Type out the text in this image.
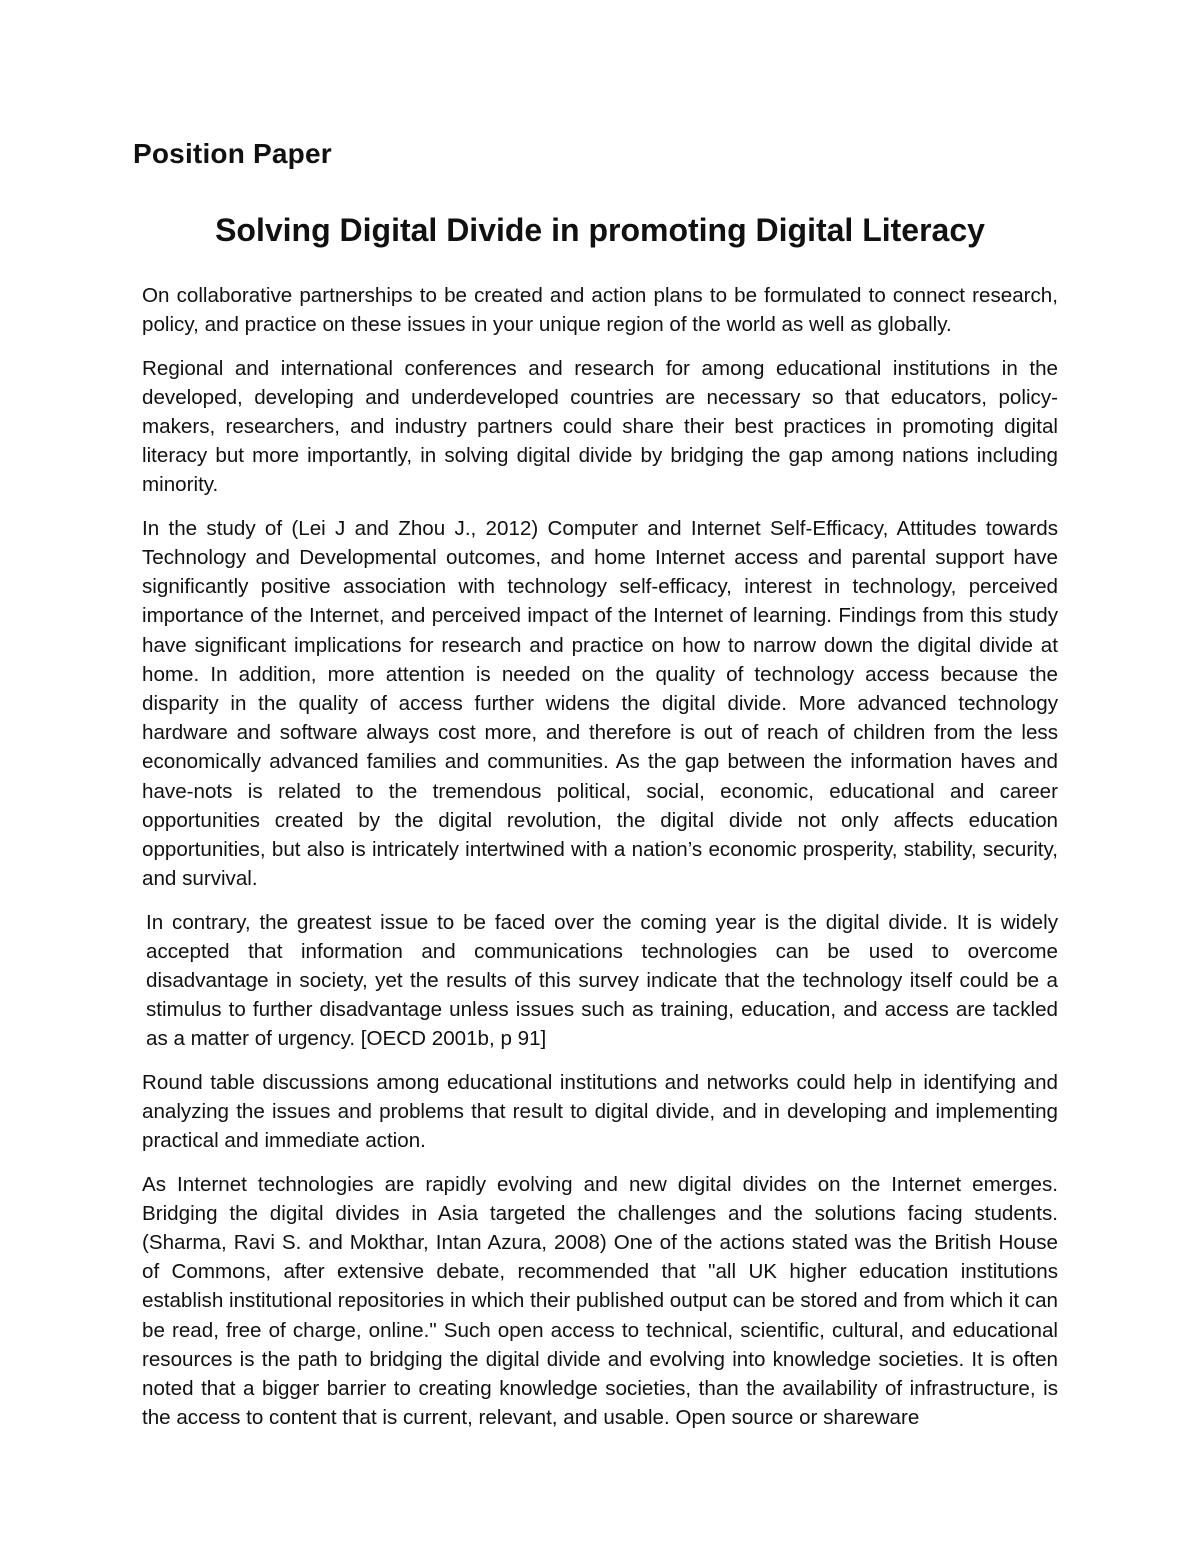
Position Paper
Solving Digital Divide in promoting Digital Literacy

On collaborative partnerships to be created and action plans to be formulated to connect research, policy, and practice on these issues in your unique region of the world as well as globally.

Regional and international conferences and research for among educational institutions in the developed, developing and underdeveloped countries are necessary so that educators, policy- makers, researchers, and industry partners could share their best practices in promoting digital literacy but more importantly, in solving digital divide by bridging the gap among nations including minority.

In the study of (Lei J and Zhou J., 2012) Computer and Internet Self-Efficacy, Attitudes towards Technology and Developmental outcomes, and home Internet access and parental support have significantly positive association with technology self-efficacy, interest in technology, perceived importance of the Internet, and perceived impact of the Internet of learning. Findings from this study have significant implications for research and practice on how to narrow down the digital divide at home. In addition, more attention is needed on the quality of technology access because the disparity in the quality of access further widens the digital divide. More advanced technology hardware and software always cost more, and therefore is out of reach of children from the less economically advanced families and communities. As the gap between the information haves and have-nots is related to the tremendous political, social, economic, educational and career opportunities created by the digital revolution, the digital divide not only affects education opportunities, but also is intricately intertwined with a nation’s economic prosperity, stability, security, and survival.

In contrary, the greatest issue to be faced over the coming year is the digital divide. It is widely accepted that information and communications technologies can be used to overcome disadvantage in society, yet the results of this survey indicate that the technology itself could be a stimulus to further disadvantage unless issues such as training, education, and access are tackled as a matter of urgency. [OECD 2001b, p 91]

Round table discussions among educational institutions and networks could help in identifying and analyzing the issues and problems that result to digital divide, and in developing and implementing practical and immediate action.

As Internet technologies are rapidly evolving and new digital divides on the Internet emerges. Bridging the digital divides in Asia targeted the challenges and the solutions facing students. (Sharma, Ravi S. and Mokthar, Intan Azura, 2008) One of the actions stated was the British House of Commons, after extensive debate, recommended that "all UK higher education institutions establish institutional repositories in which their published output can be stored and from which it can be read, free of charge, online." Such open access to technical, scientific, cultural, and educational resources is the path to bridging the digital divide and evolving into knowledge societies. It is often noted that a bigger barrier to creating knowledge societies, than the availability of infrastructure, is the access to content that is current, relevant, and usable. Open source or shareware
